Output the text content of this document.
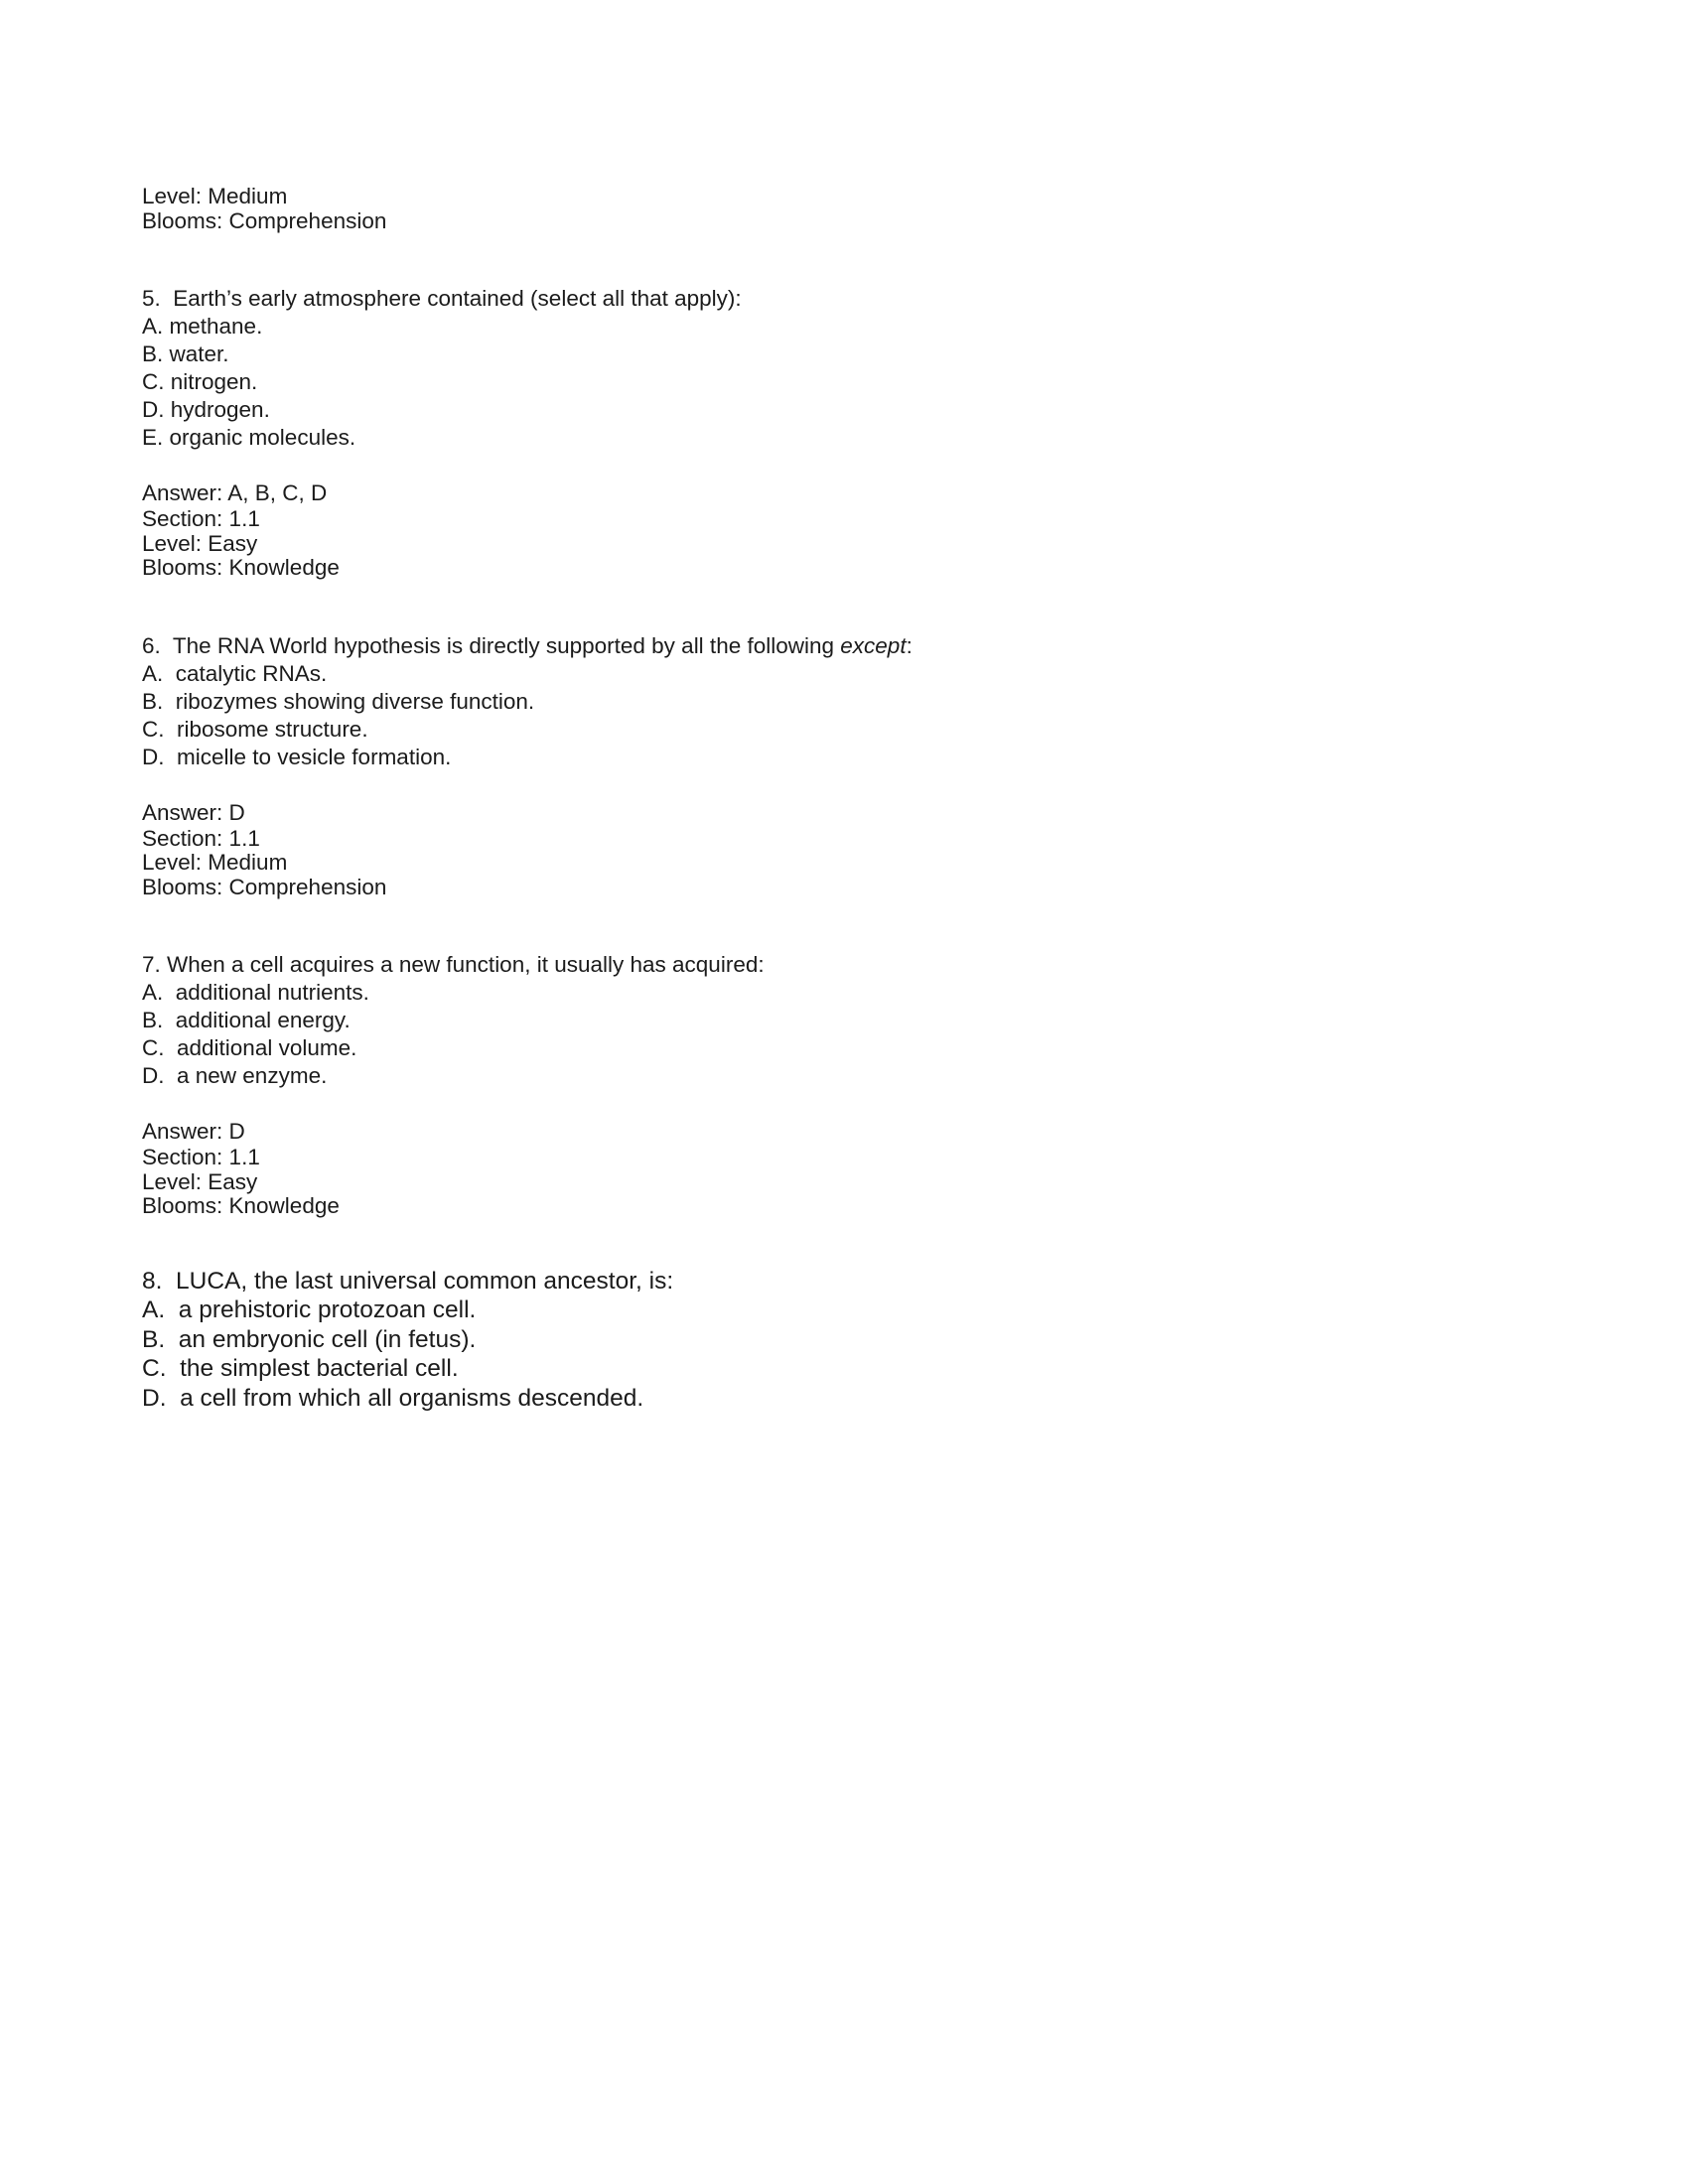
Level: Medium
Blooms: Comprehension
5.  Earth’s early atmosphere contained (select all that apply):
A. methane.
B. water.
C. nitrogen.
D. hydrogen.
E. organic molecules.
Answer: A, B, C, D
Section: 1.1
Level: Easy
Blooms: Knowledge
6.  The RNA World hypothesis is directly supported by all the following except:
A.  catalytic RNAs.
B.  ribozymes showing diverse function.
C.  ribosome structure.
D.  micelle to vesicle formation.
Answer: D
Section: 1.1
Level: Medium
Blooms: Comprehension
7. When a cell acquires a new function, it usually has acquired:
A.  additional nutrients.
B.  additional energy.
C.  additional volume.
D.  a new enzyme.
Answer: D
Section: 1.1
Level: Easy
Blooms: Knowledge
8.  LUCA, the last universal common ancestor, is:
A.  a prehistoric protozoan cell.
B.  an embryonic cell (in fetus).
C.  the simplest bacterial cell.
D.  a cell from which all organisms descended.
